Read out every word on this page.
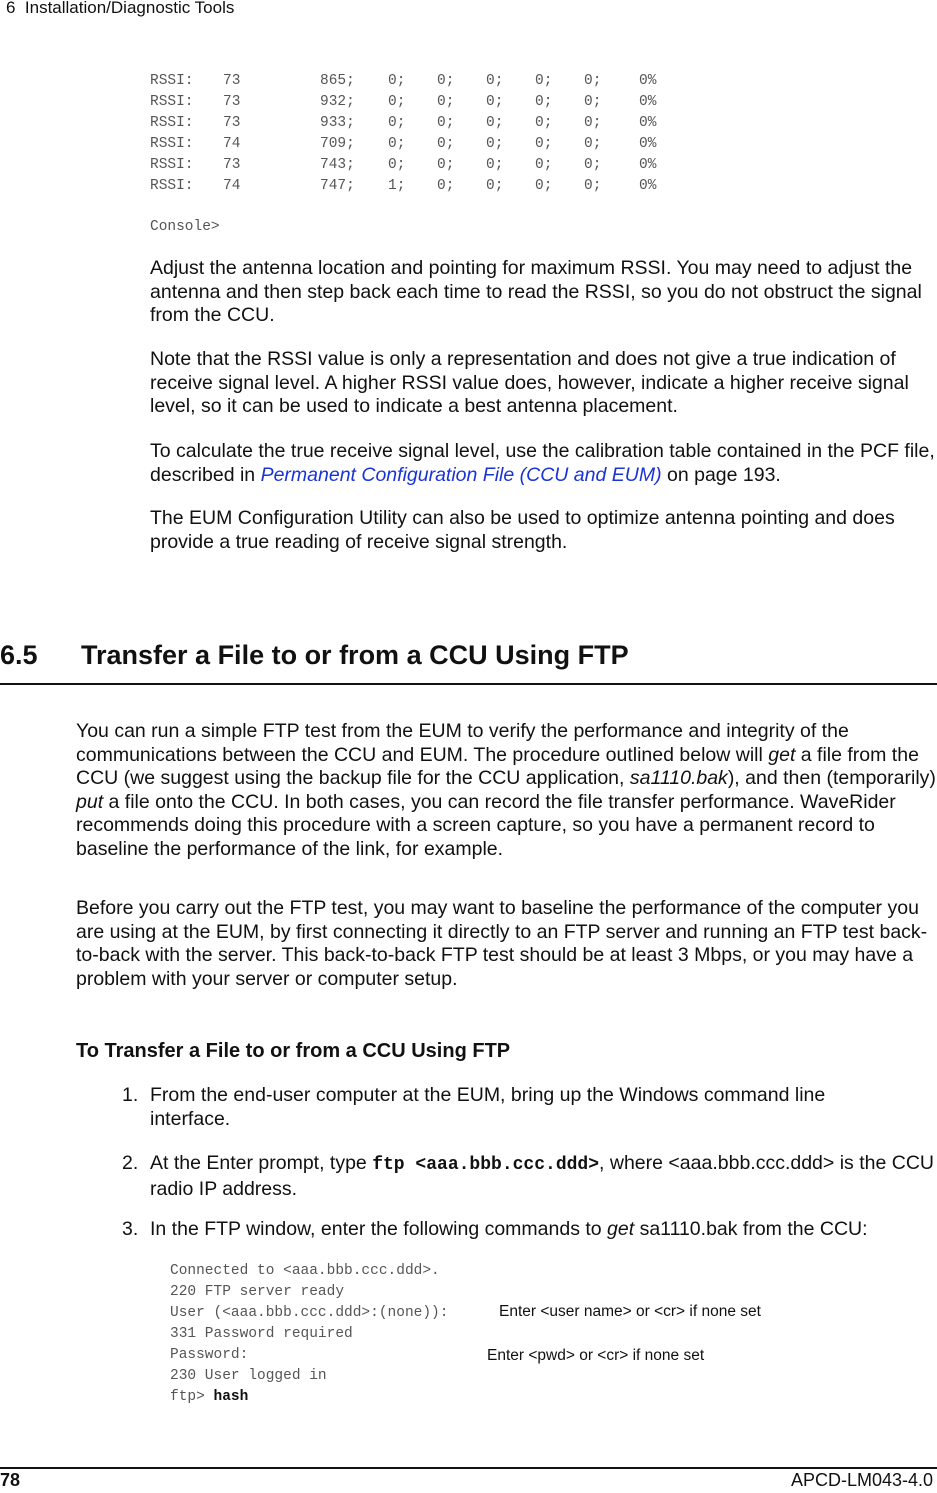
6  Installation/Diagnostic Tools
RSSI: 73	865; 0; 0; 0; 0; 0;	0%
RSSI: 73	932; 0; 0; 0; 0; 0;	0%
RSSI: 73	933; 0; 0; 0; 0; 0;	0%
RSSI: 74	709; 0; 0; 0; 0; 0;	0%
RSSI: 73	743; 0; 0; 0; 0; 0;	0%
RSSI: 74	747; 1; 0; 0; 0; 0;	0%
Console>
Adjust the antenna location and pointing for maximum RSSI. You may need to adjust the antenna and then step back each time to read the RSSI, so you do not obstruct the signal from the CCU.
Note that the RSSI value is only a representation and does not give a true indication of receive signal level. A higher RSSI value does, however, indicate a higher receive signal level, so it can be used to indicate a best antenna placement.
To calculate the true receive signal level, use the calibration table contained in the PCF file, described in Permanent Configuration File (CCU and EUM) on page 193.
The EUM Configuration Utility can also be used to optimize antenna pointing and does provide a true reading of receive signal strength.

6.5

Transfer a File to or from a CCU Using FTP

You can run a simple FTP test from the EUM to verify the performance and integrity of the communications between the CCU and EUM. The procedure outlined below will get a file from the CCU (we suggest using the backup file for the CCU application, sa1110.bak), and then (temporarily) put a file onto the CCU. In both cases, you can record the file transfer performance. WaveRider recommends doing this procedure with a screen capture, so you have a permanent record to baseline the performance of the link, for example.
Before you carry out the FTP test, you may want to baseline the performance of the computer you are using at the EUM, by first connecting it directly to an FTP server and running an FTP test back-to-back with the server. This back-to-back FTP test should be at least 3 Mbps, or you may have a problem with your server or computer setup.
To Transfer a File to or from a CCU Using FTP
1. From the end-user computer at the EUM, bring up the Windows command line interface.
2. At the Enter prompt, type ftp <aaa.bbb.ccc.ddd>, where <aaa.bbb.ccc.ddd> is the CCU radio IP address.
3. In the FTP window, enter the following commands to get sa1110.bak from the CCU:
Connected to <aaa.bbb.ccc.ddd>.
220 FTP server ready
User (<aaa.bbb.ccc.ddd>:(none)):	Enter <user name> or <cr> if none set
331 Password required
Password:	Enter <pwd> or <cr> if none set
230 User logged in
ftp> hash
78	APCD-LM043-4.0
